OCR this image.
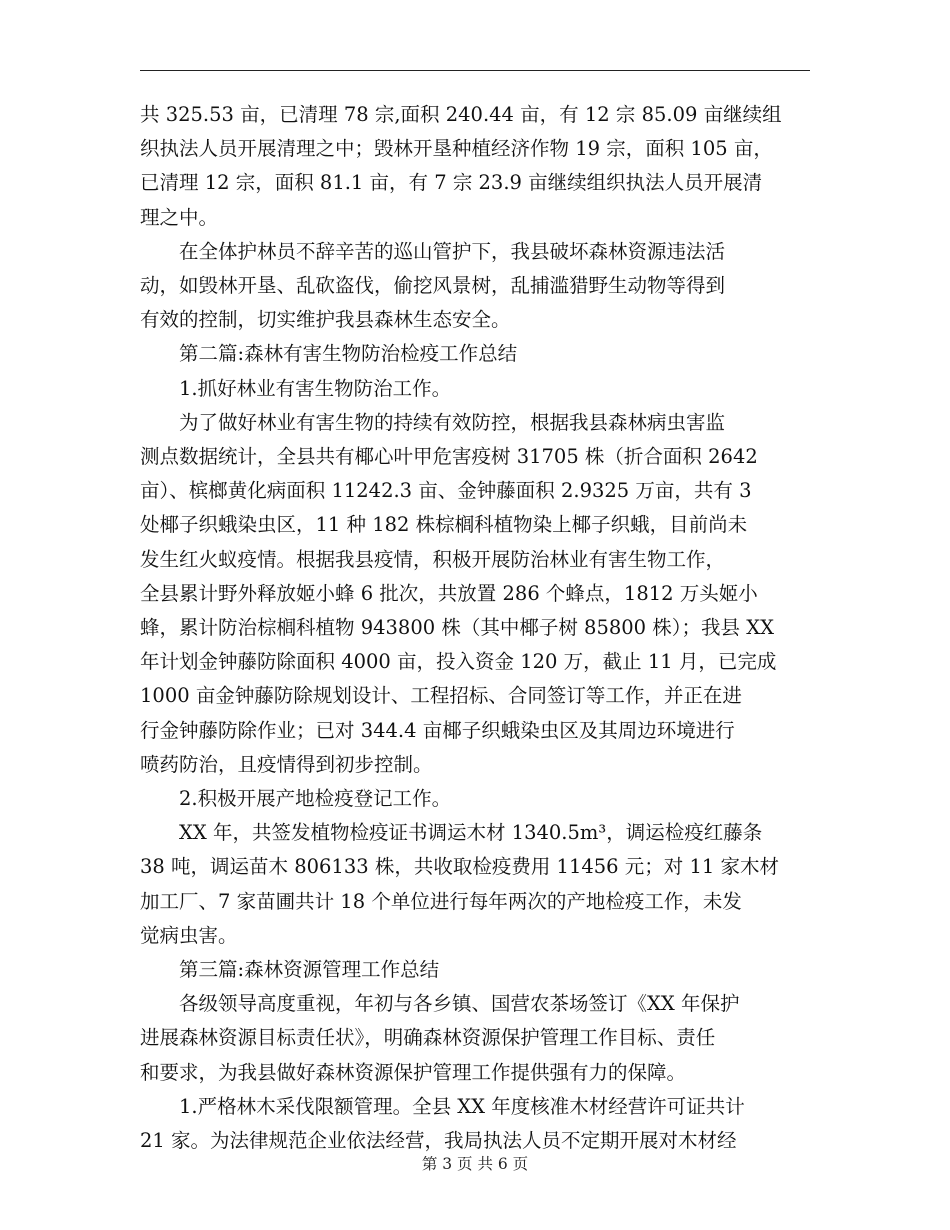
共 325.53 亩，已清理 78 宗,面积 240.44 亩，有 12 宗 85.09 亩继续组

织执法人员开展清理之中；毁林开垦种植经济作物 19 宗，面积 105 亩，

已清理 12 宗，面积 81.1 亩，有 7 宗 23.9 亩继续组织执法人员开展清

理之中。

　　在全体护林员不辞辛苦的巡山管护下，我县破坏森林资源违法活

动，如毁林开垦、乱砍盗伐，偷挖风景树，乱捕滥猎野生动物等得到

有效的控制，切实维护我县森林生态安全。

　　第二篇:森林有害生物防治检疫工作总结

　　1.抓好林业有害生物防治工作。

　　为了做好林业有害生物的持续有效防控，根据我县森林病虫害监

测点数据统计，全县共有椰心叶甲危害疫树 31705 株（折合面积 2642

亩）、槟榔黄化病面积 11242.3 亩、金钟藤面积 2.9325 万亩，共有 3

处椰子织蛾染虫区，11 种 182 株棕榈科植物染上椰子织蛾，目前尚未

发生红火蚁疫情。根据我县疫情，积极开展防治林业有害生物工作，

全县累计野外释放姬小蜂 6 批次，共放置 286 个蜂点，1812 万头姬小

蜂，累计防治棕榈科植物 943800 株（其中椰子树 85800 株）；我县 XX

年计划金钟藤防除面积 4000 亩，投入资金 120 万，截止 11 月，已完成

1000 亩金钟藤防除规划设计、工程招标、合同签订等工作，并正在进

行金钟藤防除作业；已对 344.4 亩椰子织蛾染虫区及其周边环境进行

喷药防治，且疫情得到初步控制。

　　2.积极开展产地检疫登记工作。

　　XX 年，共签发植物检疫证书调运木材 1340.5m³，调运检疫红藤条

38 吨，调运苗木 806133 株，共收取检疫费用 11456 元；对 11 家木材

加工厂、7 家苗圃共计 18 个单位进行每年两次的产地检疫工作，未发

觉病虫害。

　　第三篇:森林资源管理工作总结

　　各级领导高度重视，年初与各乡镇、国营农茶场签订《XX 年保护

进展森林资源目标责任状》，明确森林资源保护管理工作目标、责任

和要求，为我县做好森林资源保护管理工作提供强有力的保障。

　　1.严格林木采伐限额管理。全县 XX 年度核准木材经营许可证共计

21 家。为法律规范企业依法经营，我局执法人员不定期开展对木材经

第 3 页 共 6 页
